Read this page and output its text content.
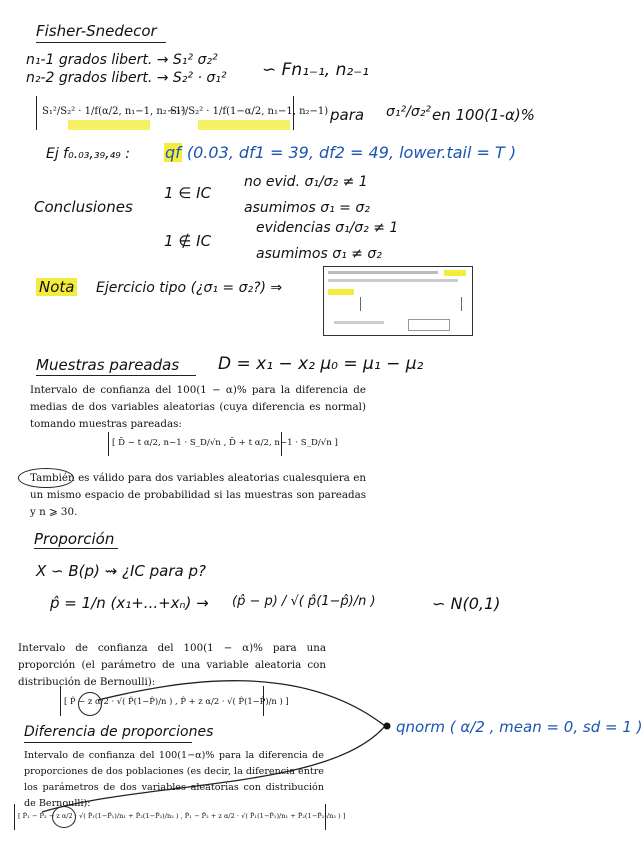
Fisher-Snedecor
n₁-1 grados libert. → S₁² σ₂²
n₂-2 grados libert. → S₂² · σ₁² ∽ Fn₁₋₁, n₂₋₁
S₁²/S₂² · 1/f(α/2, n₁−1, n₂−1)
S₁²/S₂² · 1/f(1−α/2, n₁−1, n₂−1) para σ₁²/σ₂² en 100(1-α)%
Ej f₀.₀₃,₃₉,₄₉ : qf (0.03, df1 = 39, df2 = 49, lower.tail = T )
Conclusiones
1 ∈ IC
no evid. σ₁/σ₂ ≠ 1
asumimos σ₁ = σ₂
1 ∉ IC
evidencias σ₁/σ₂ ≠ 1
asumimos σ₁ ≠ σ₂
Nota Ejercicio tipo (¿σ₁ = σ₂?) ⇒
Muestras pareadas D = x₁ − x₂ μ₀ = μ₁ − μ₂
Intervalo de confianza del 100(1 − α)% para la diferencia de medias de dos variables aleatorias (cuya diferencia es normal) tomando muestras pareadas:
[ D̄ − t α/2, n−1 · S_D/√n , D̄ + t α/2, n−1 · S_D/√n ]
También es válido para dos variables aleatorias cualesquiera en un mismo espacio de probabilidad si las muestras son pareadas y n ⩾ 30.
Proporción
X ∽ B(p) ⇝ ¿IC para p?
p̂ = 1/n (x₁+...+xₙ) → (p̂ − p) / √( p̂(1−p̂)/n )	∽ N(0,1)
Intervalo de confianza del 100(1 − α)% para una proporción (el parámetro de una variable aleatoria con distribución de Bernoulli):
[ P̂ − z α/2 · √( P̂(1−P̂)/n ) , P̂ + z α/2 · √( P̂(1−P̂)/n ) ]
qnorm ( α/2 , mean = 0, sd = 1 )
Diferencia de proporciones
Intervalo de confianza del 100(1−α)% para la diferencia de proporciones de dos poblaciones (es decir, la diferencia entre los parámetros de dos variables aleatorias con distribución de Bernoulli):
[ P̂₁ − P̂₂ − z α/2 · √( P̂₁(1−P̂₁)/n₁ + P̂₂(1−P̂₂)/n₂ ) , P̂₁ − P̂₂ + z α/2 · √( P̂₁(1−P̂₁)/n₁ + P̂₂(1−P̂₂)/n₂ ) ]
